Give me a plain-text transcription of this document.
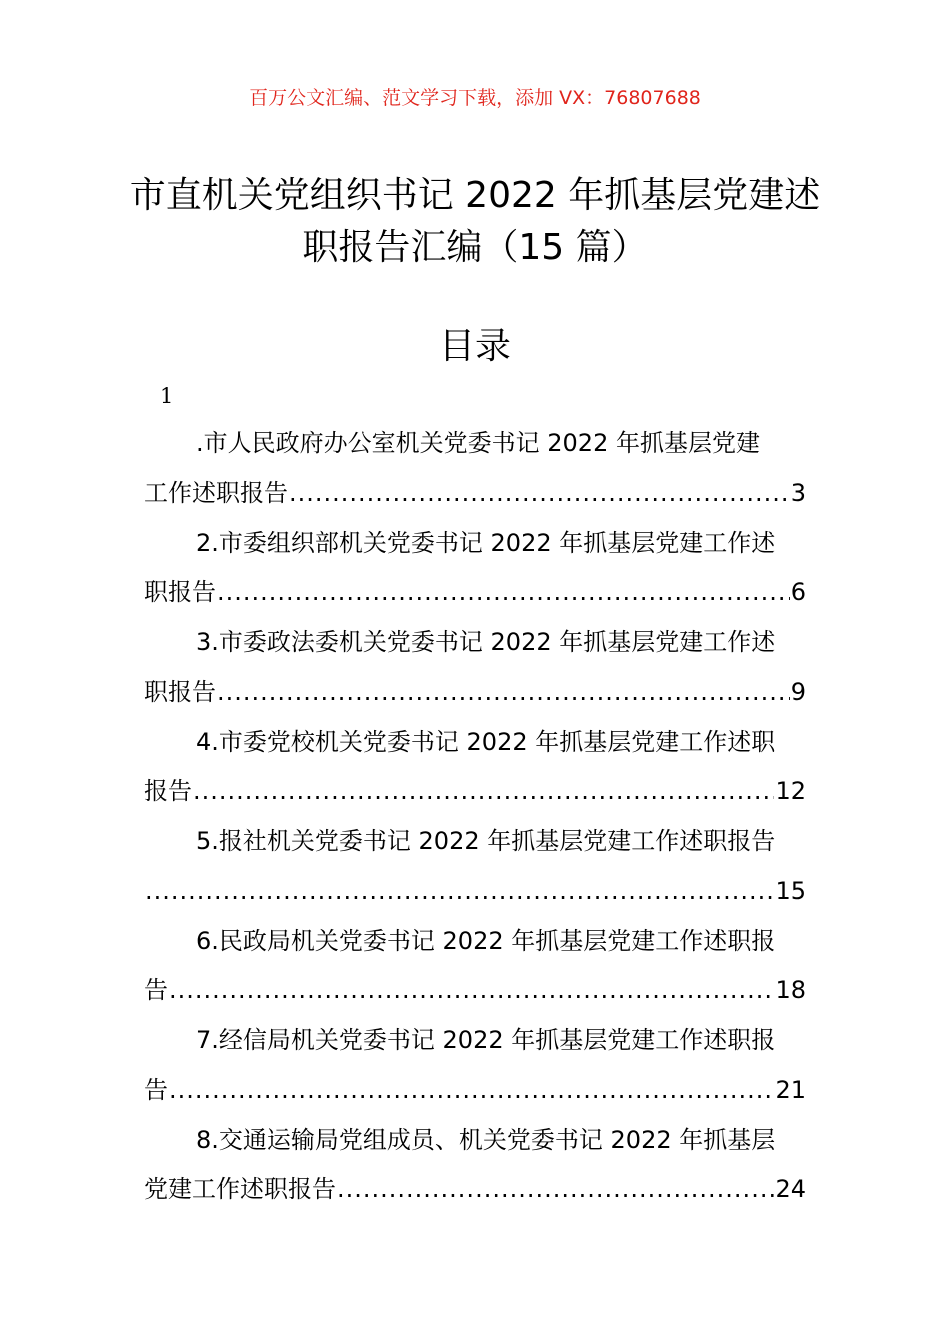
百万公文汇编、范文学习下载，添加 VX：76807688
市直机关党组织书记 2022 年抓基层党建述
职报告汇编（15 篇）
目录
1
.市人民政府办公室机关党委书记 2022 年抓基层党建
工作述职报告 .....	3
2.市委组织部机关党委书记 2022 年抓基层党建工作述
职报告 .....	6
3.市委政法委机关党委书记 2022 年抓基层党建工作述
职报告 .....	9
4.市委党校机关党委书记 2022 年抓基层党建工作述职
报告 .....	12
5.报社机关党委书记 2022 年抓基层党建工作述职报告
.....
15
6.民政局机关党委书记 2022 年抓基层党建工作述职报
告 .....	18
7.经信局机关党委书记 2022 年抓基层党建工作述职报
告 .....	21
8.交通运输局党组成员、机关党委书记 2022 年抓基层
党建工作述职报告 .....	24
